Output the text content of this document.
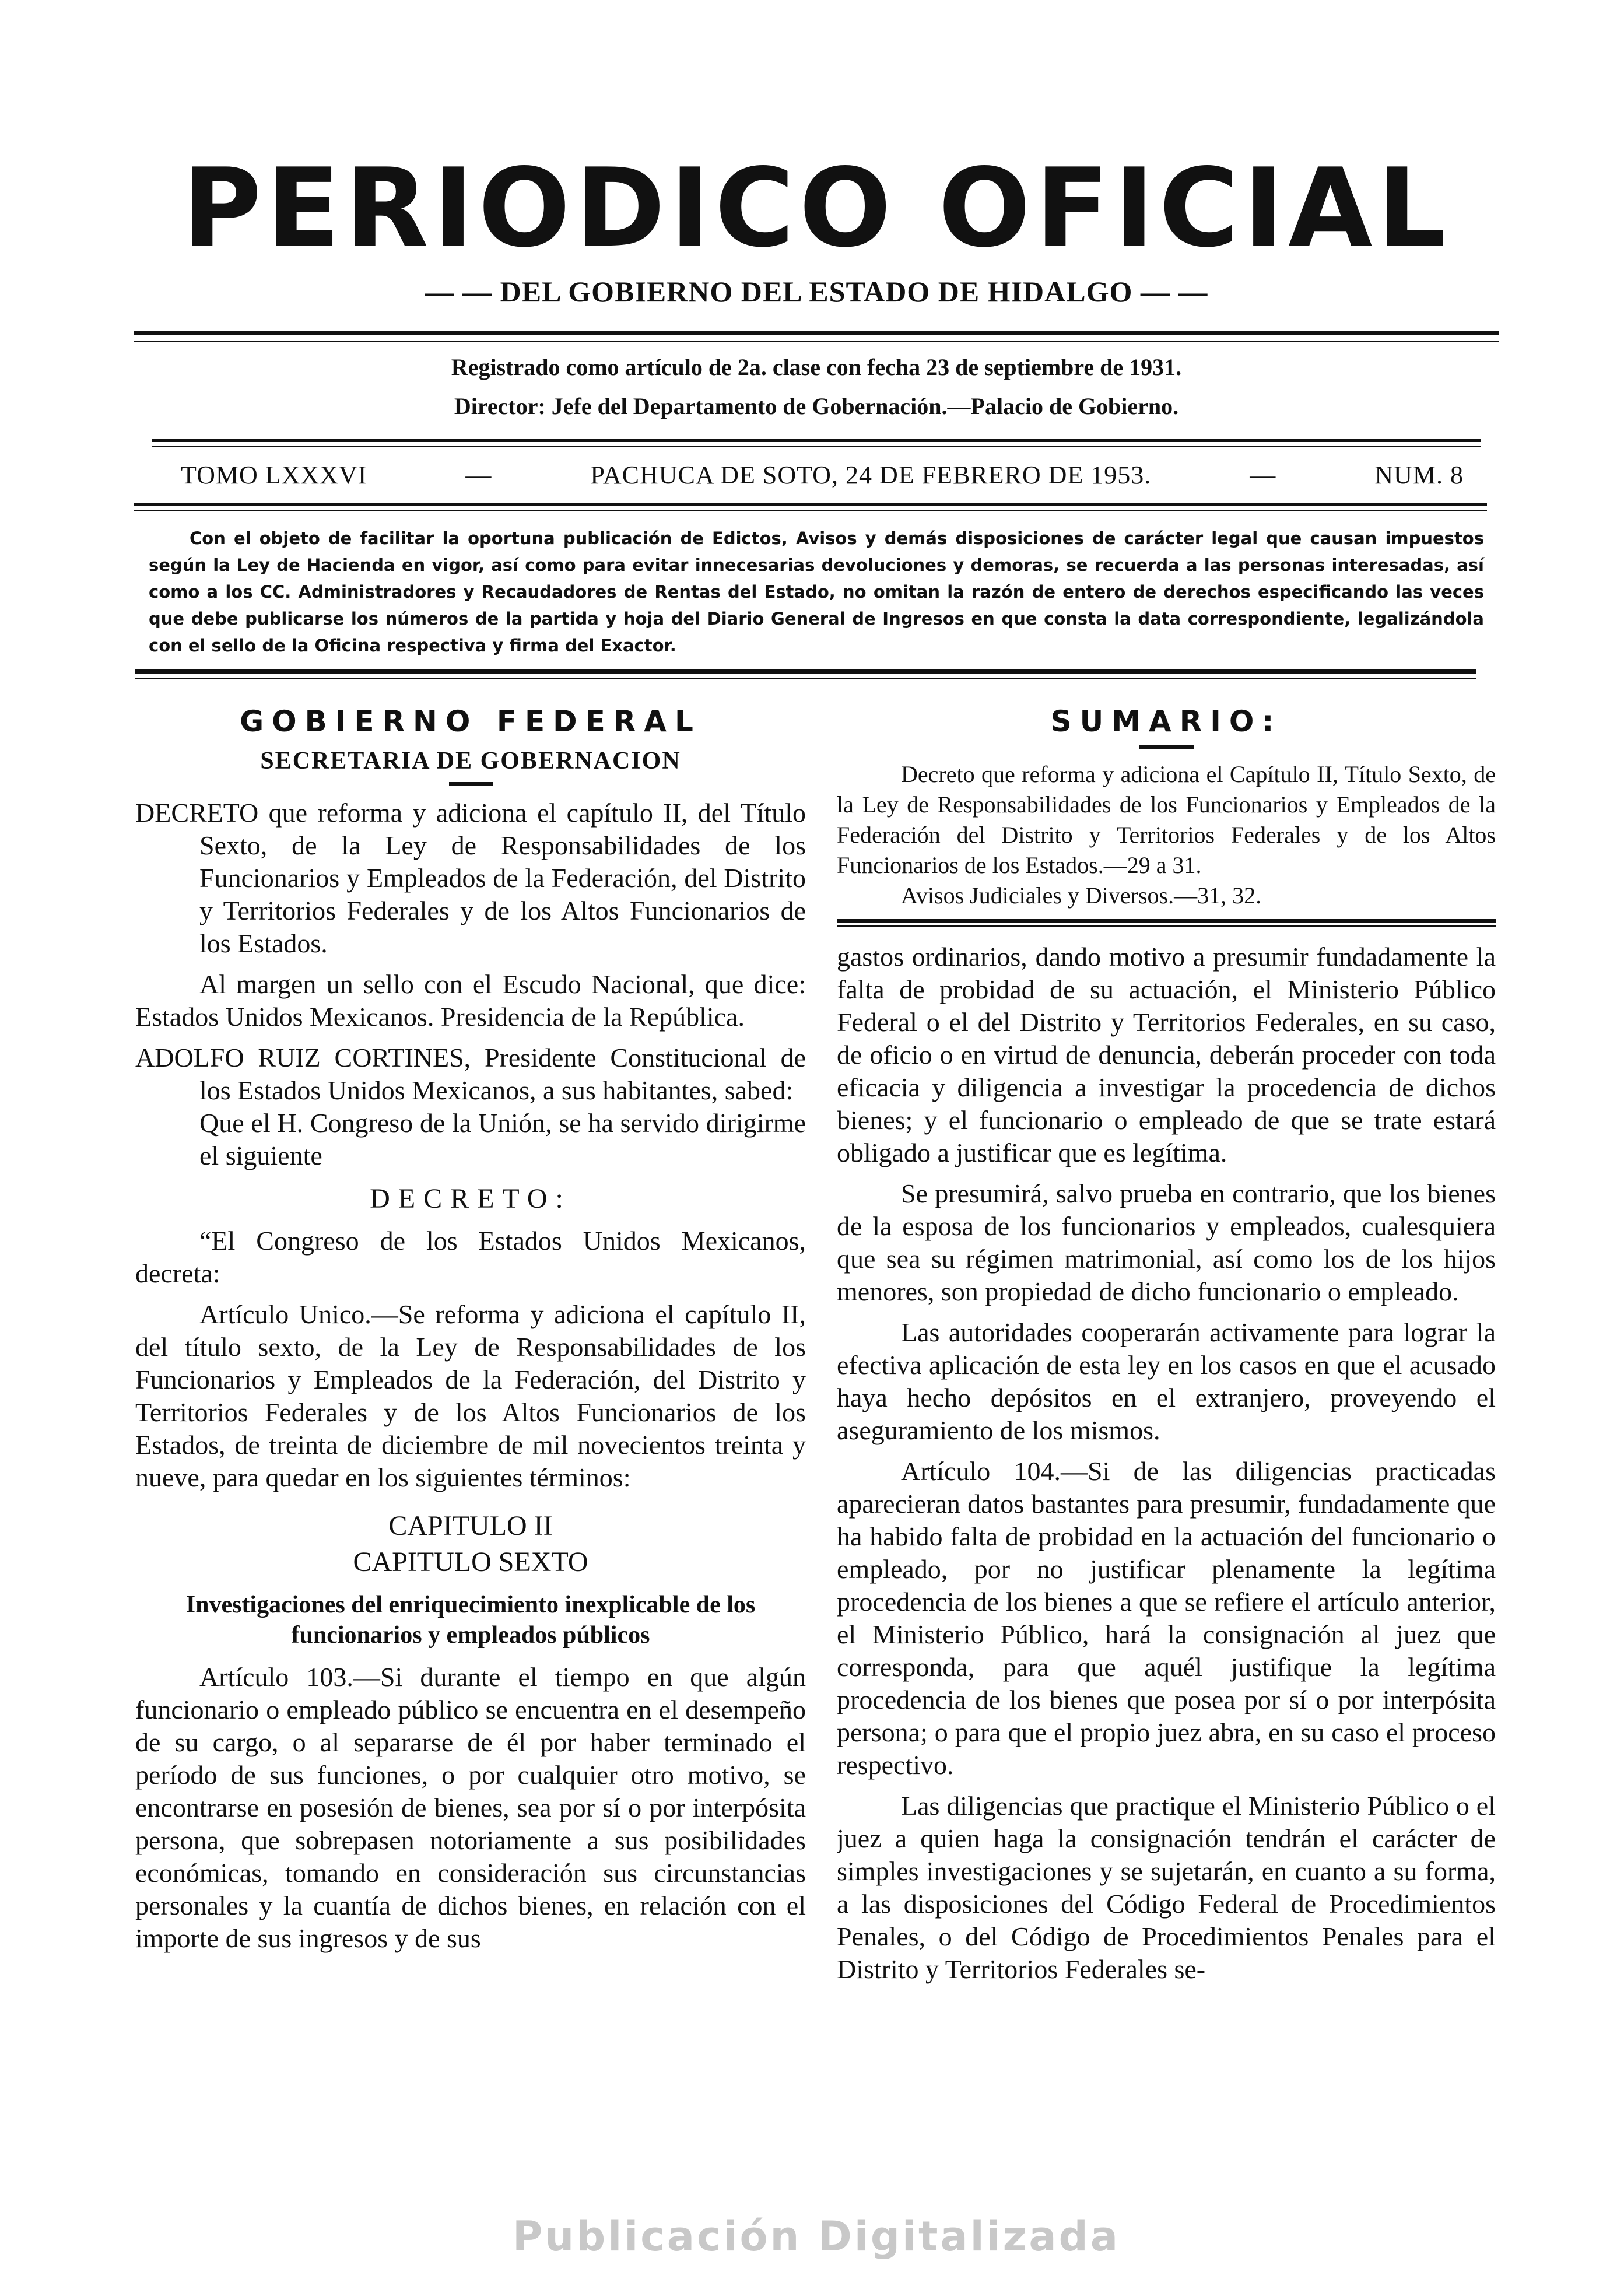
PERIODICO OFICIAL
— — DEL GOBIERNO DEL ESTADO DE HIDALGO — —
Registrado como artículo de 2a. clase con fecha 23 de septiembre de 1931.
Director: Jefe del Departamento de Gobernación.—Palacio de Gobierno.
TOMO LXXXVI	—	PACHUCA DE SOTO, 24 DE FEBRERO DE 1953.	—	NUM. 8
Con el objeto de facilitar la oportuna publicación de Edictos, Avisos y demás disposiciones de carácter legal que causan impuestos según la Ley de Hacienda en vigor, así como para evitar innecesarias devoluciones y demoras, se recuerda a las personas interesadas, así como a los CC. Administradores y Recaudadores de Rentas del Estado, no omitan la razón de entero de derechos especificando las veces que debe publicarse los números de la partida y hoja del Diario General de Ingresos en que consta la data correspondiente, legalizándola con el sello de la Oficina respectiva y firma del Exactor.
GOBIERNO FEDERAL
SECRETARIA DE GOBERNACION

DECRETO que reforma y adiciona el capítulo II, del Título Sexto, de la Ley de Responsabilidades de los Funcionarios y Empleados de la Federación, del Distrito y Territorios Federales y de los Altos Funcionarios de los Estados.

Al margen un sello con el Escudo Nacional, que dice: Estados Unidos Mexicanos. Presidencia de la República.

ADOLFO RUIZ CORTINES, Presidente Constitucional de los Estados Unidos Mexicanos, a sus habitantes, sabed:

Que el H. Congreso de la Unión, se ha servido dirigirme el siguiente

DECRETO:

“El Congreso de los Estados Unidos Mexicanos, decreta:

Artículo Unico.—Se reforma y adiciona el capítulo II, del título sexto, de la Ley de Responsabilidades de los Funcionarios y Empleados de la Federación, del Distrito y Territorios Federales y de los Altos Funcionarios de los Estados, de treinta de diciembre de mil novecientos treinta y nueve, para quedar en los siguientes términos:

CAPITULO II
CAPITULO SEXTO
Investigaciones del enriquecimiento inexplicable de los funcionarios y empleados públicos

Artículo 103.—Si durante el tiempo en que algún funcionario o empleado público se encuentra en el desempeño de su cargo, o al separarse de él por haber terminado el período de sus funciones, o por cualquier otro motivo, se encontrarse en posesión de bienes, sea por sí o por interpósita persona, que sobrepasen notoriamente a sus posibilidades económicas, tomando en consideración sus circunstancias personales y la cuantía de dichos bienes, en relación con el importe de sus ingresos y de sus

SUMARIO:

Decreto que reforma y adiciona el Capítulo II, Título Sexto, de la Ley de Responsabilidades de los Funcionarios y Empleados de la Federación del Distrito y Territorios Federales y de los Altos Funcionarios de los Estados.—29 a 31.

Avisos Judiciales y Diversos.—31, 32.

gastos ordinarios, dando motivo a presumir fundadamente la falta de probidad de su actuación, el Ministerio Público Federal o el del Distrito y Territorios Federales, en su caso, de oficio o en virtud de denuncia, deberán proceder con toda eficacia y diligencia a investigar la procedencia de dichos bienes; y el funcionario o empleado de que se trate estará obligado a justificar que es legítima.

Se presumirá, salvo prueba en contrario, que los bienes de la esposa de los funcionarios y empleados, cualesquiera que sea su régimen matrimonial, así como los de los hijos menores, son propiedad de dicho funcionario o empleado.

Las autoridades cooperarán activamente para lograr la efectiva aplicación de esta ley en los casos en que el acusado haya hecho depósitos en el extranjero, proveyendo el aseguramiento de los mismos.

Artículo 104.—Si de las diligencias practicadas aparecieran datos bastantes para presumir, fundadamente que ha habido falta de probidad en la actuación del funcionario o empleado, por no justificar plenamente la legítima procedencia de los bienes a que se refiere el artículo anterior, el Ministerio Público, hará la consignación al juez que corresponda, para que aquél justifique la legítima procedencia de los bienes que posea por sí o por interpósita persona; o para que el propio juez abra, en su caso el proceso respectivo.

Las diligencias que practique el Ministerio Público o el juez a quien haga la consignación tendrán el carácter de simples investigaciones y se sujetarán, en cuanto a su forma, a las disposiciones del Código Federal de Procedimientos Penales, o del Código de Procedimientos Penales para el Distrito y Territorios Federales se-

Publicación Digitalizada
